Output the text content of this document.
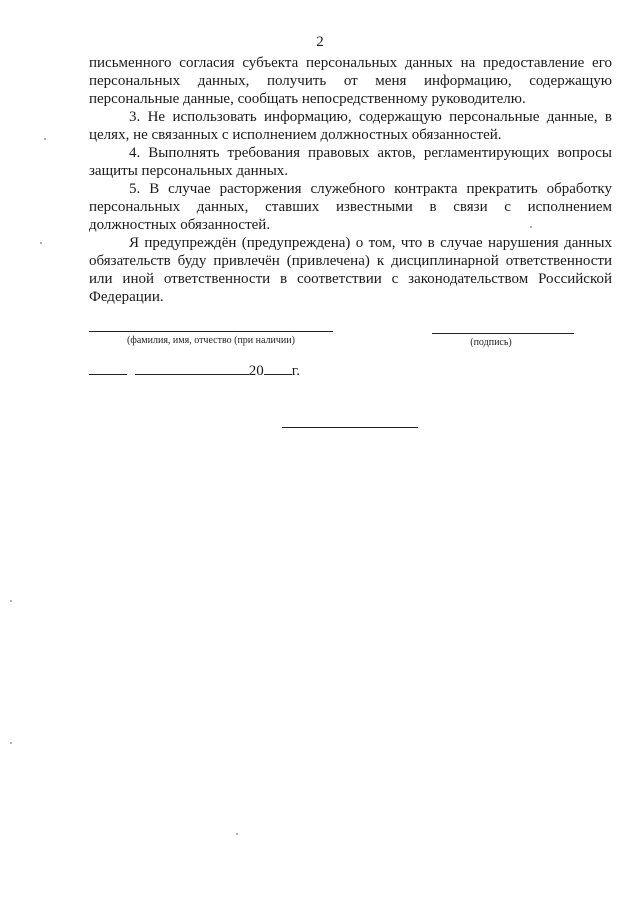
2

письменного согласия субъекта персональных данных на предоставление его персональных данных, получить от меня информацию, содержащую персональные данные, сообщать непосредственному руководителю.

3. Не использовать информацию, содержащую персональные данные, в целях, не связанных с исполнением должностных обязанностей.

4. Выполнять требования правовых актов, регламентирующих вопросы защиты персональных данных.

5. В случае расторжения служебного контракта прекратить обработку персональных данных, ставших известными в связи с исполнением должностных обязанностей.

Я предупреждён (предупреждена) о том, что в случае нарушения данных обязательств буду привлечён (привлечена) к дисциплинарной ответственности или иной ответственности в соответствии с законодательством Российской Федерации.

(фамилия, имя, отчество (при наличии)	(подпись)
20 г.
